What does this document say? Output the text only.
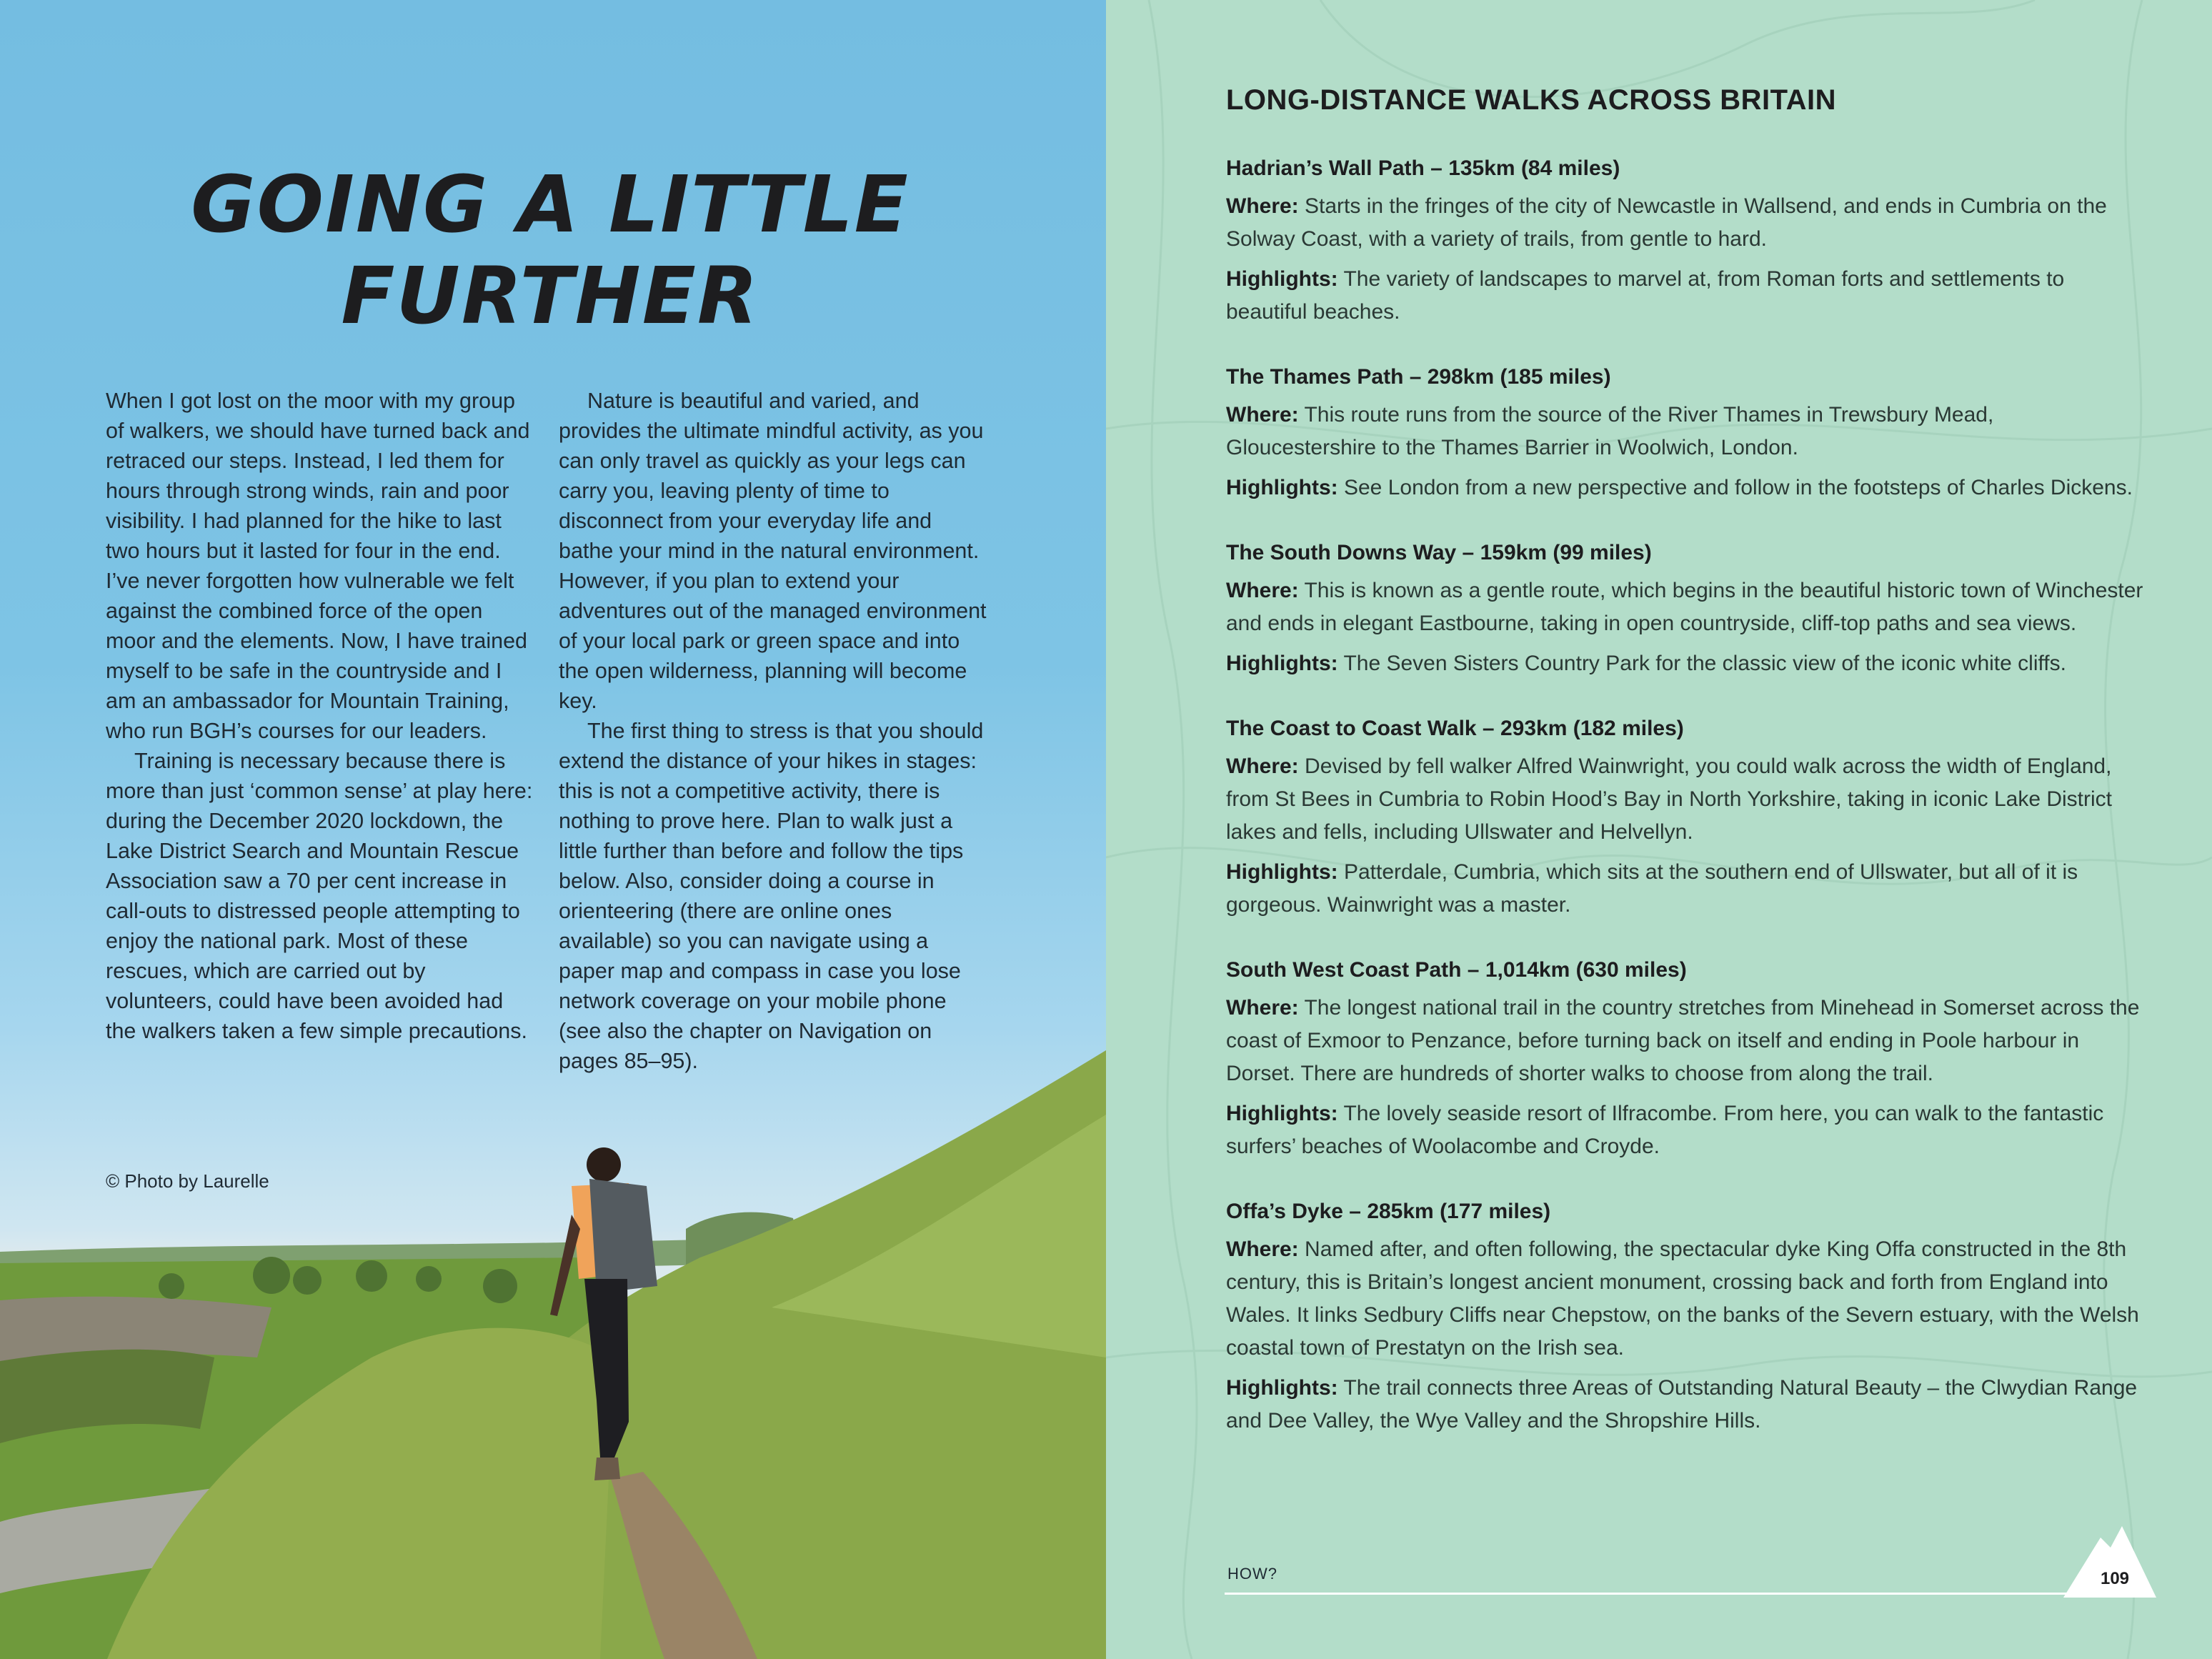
GOING A LITTLE
FURTHER

When I got lost on the moor with my group of walkers, we should have turned back and retraced our steps. Instead, I led them for hours through strong winds, rain and poor visibility. I had planned for the hike to last two hours but it lasted for four in the end. I’ve never forgotten how vulnerable we felt against the combined force of the open moor and the elements. Now, I have trained myself to be safe in the countryside and I am an ambassador for Mountain Training, who run BGH’s courses for our leaders.

Training is necessary because there is more than just ‘common sense’ at play here: during the December 2020 lockdown, the Lake District Search and Mountain Rescue Association saw a 70 per cent increase in call-outs to distressed people attempting to enjoy the national park. Most of these rescues, which are carried out by volunteers, could have been avoided had the walkers taken a few simple precautions.

Nature is beautiful and varied, and provides the ultimate mindful activity, as you can only travel as quickly as your legs can carry you, leaving plenty of time to disconnect from your everyday life and bathe your mind in the natural environment. However, if you plan to extend your adventures out of the managed environment of your local park or green space and into the open wilderness, planning will become key.

The first thing to stress is that you should extend the distance of your hikes in stages: this is not a competitive activity, there is nothing to prove here. Plan to walk just a little further than before and follow the tips below. Also, consider doing a course in orienteering (there are online ones available) so you can navigate using a paper map and compass in case you lose network coverage on your mobile phone (see also the chapter on Navigation on pages 85–95).

© Photo by Laurelle
LONG-DISTANCE WALKS ACROSS BRITAIN

Hadrian’s Wall Path – 135km (84 miles)

Where: Starts in the fringes of the city of Newcastle in Wallsend, and ends in Cumbria on the Solway Coast, with a variety of trails, from gentle to hard.

Highlights: The variety of landscapes to marvel at, from Roman forts and settlements to beautiful beaches.

The Thames Path – 298km (185 miles)

Where: This route runs from the source of the River Thames in Trewsbury Mead, Gloucestershire to the Thames Barrier in Woolwich, London.

Highlights: See London from a new perspective and follow in the footsteps of Charles Dickens.

The South Downs Way – 159km (99 miles)

Where: This is known as a gentle route, which begins in the beautiful historic town of Winchester and ends in elegant Eastbourne, taking in open countryside, cliff-top paths and sea views.

Highlights: The Seven Sisters Country Park for the classic view of the iconic white cliffs.

The Coast to Coast Walk – 293km (182 miles)

Where: Devised by fell walker Alfred Wainwright, you could walk across the width of England, from St Bees in Cumbria to Robin Hood’s Bay in North Yorkshire, taking in iconic Lake District lakes and fells, including Ullswater and Helvellyn.

Highlights: Patterdale, Cumbria, which sits at the southern end of Ullswater, but all of it is gorgeous. Wainwright was a master.

South West Coast Path – 1,014km (630 miles)

Where: The longest national trail in the country stretches from Minehead in Somerset across the coast of Exmoor to Penzance, before turning back on itself and ending in Poole harbour in Dorset. There are hundreds of shorter walks to choose from along the trail.

Highlights: The lovely seaside resort of Ilfracombe. From here, you can walk to the fantastic surfers’ beaches of Woolacombe and Croyde.

Offa’s Dyke – 285km (177 miles)

Where: Named after, and often following, the spectacular dyke King Offa constructed in the 8th century, this is Britain’s longest ancient monument, crossing back and forth from England into Wales. It links Sedbury Cliffs near Chepstow, on the banks of the Severn estuary, with the Welsh coastal town of Prestatyn on the Irish sea.

Highlights: The trail connects three Areas of Outstanding Natural Beauty – the Clwydian Range and Dee Valley, the Wye Valley and the Shropshire Hills.

HOW?	109
